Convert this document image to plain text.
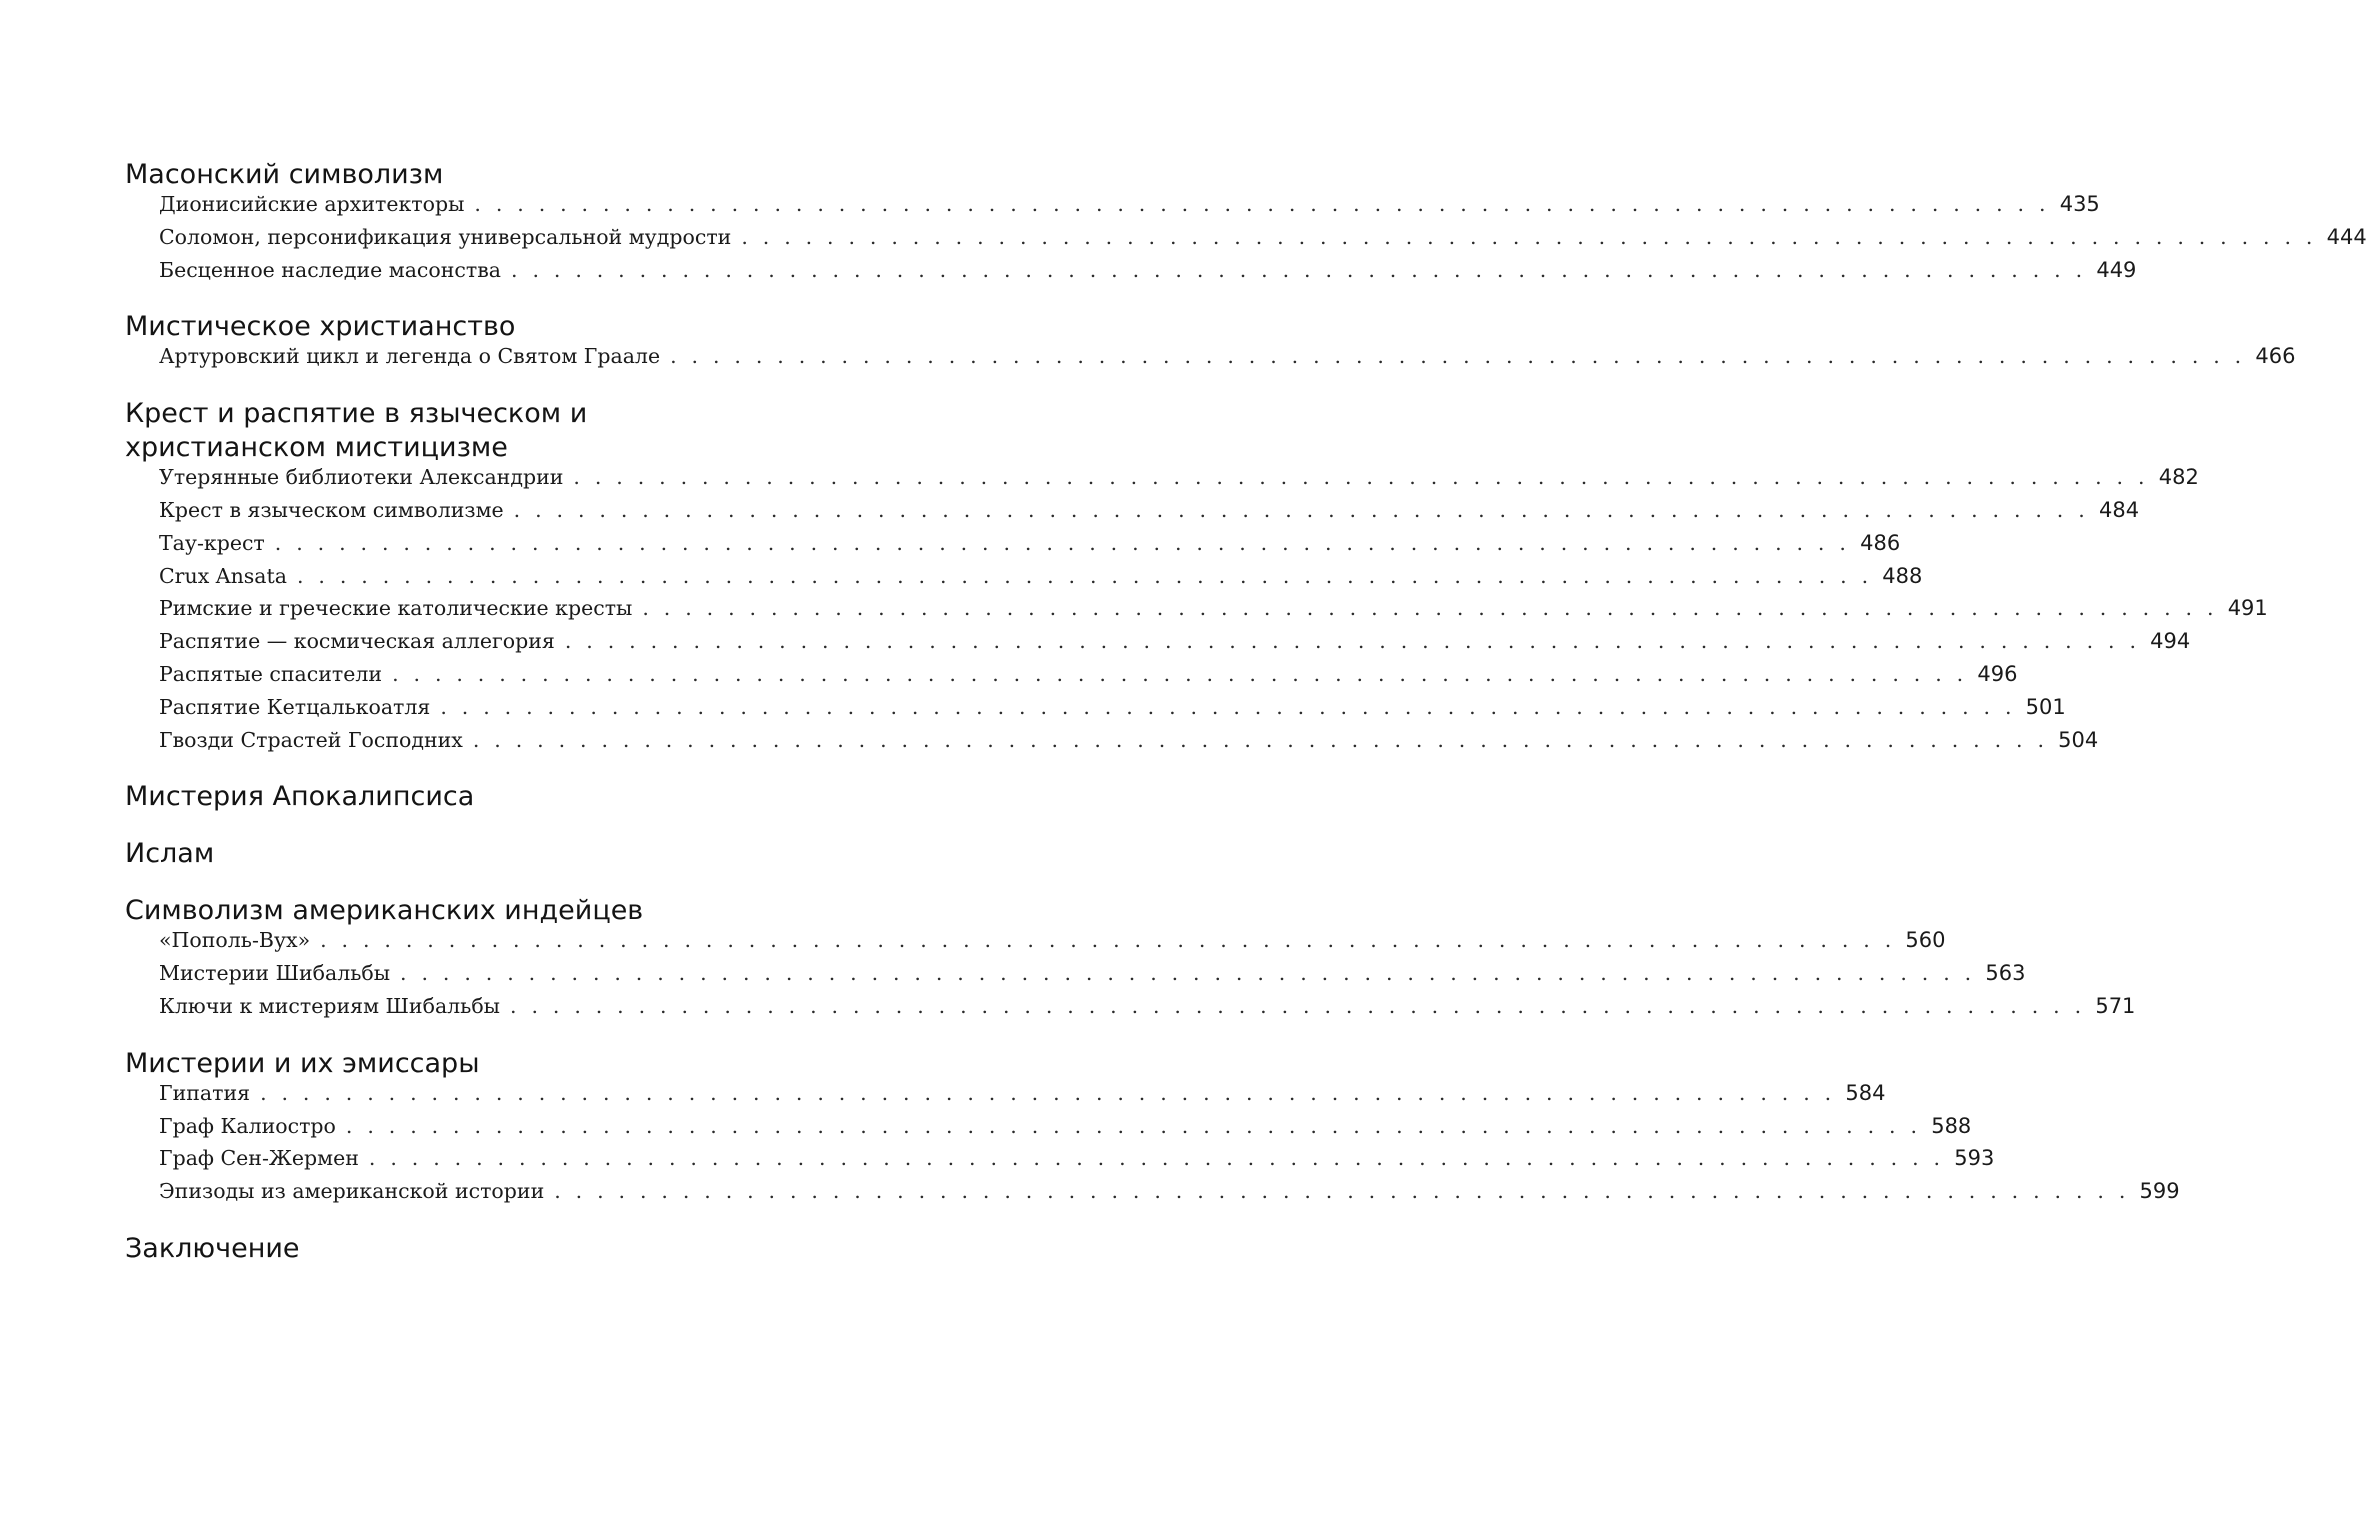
Масонский символизм
Дионисийские архитекторы . . . . . . . . . . . . . . . . . . . . . . . . . . . . . . . . . . . . . . . . . . . . . . . . . . . . . . . . . . . . . . . . . . . . . . . . . . 435
Соломон, персонификация универсальной мудрости . . . . . . . . . . . . . . . . . . . . . . . . . . . . . . . . . . . . . . . . . . . . . . . . . . . . . . . . . . . . . . . . . . . . . . . . . . 444
Бесценное наследие масонства . . . . . . . . . . . . . . . . . . . . . . . . . . . . . . . . . . . . . . . . . . . . . . . . . . . . . . . . . . . . . . . . . . . . . . . . . . 449
Мистическое христианство
Артуровский цикл и легенда о Святом Граале . . . . . . . . . . . . . . . . . . . . . . . . . . . . . . . . . . . . . . . . . . . . . . . . . . . . . . . . . . . . . . . . . . . . . . . . . . 466
Крест и распятие в языческом и христианском мистицизме
Утерянные библиотеки Александрии . . . . . . . . . . . . . . . . . . . . . . . . . . . . . . . . . . . . . . . . . . . . . . . . . . . . . . . . . . . . . . . . . . . . . . . . . . 482
Крест в языческом символизме . . . . . . . . . . . . . . . . . . . . . . . . . . . . . . . . . . . . . . . . . . . . . . . . . . . . . . . . . . . . . . . . . . . . . . . . . . 484
Тау-крест . . . . . . . . . . . . . . . . . . . . . . . . . . . . . . . . . . . . . . . . . . . . . . . . . . . . . . . . . . . . . . . . . . . . . . . . . . 486
Crux Ansata . . . . . . . . . . . . . . . . . . . . . . . . . . . . . . . . . . . . . . . . . . . . . . . . . . . . . . . . . . . . . . . . . . . . . . . . . . 488
Римские и греческие католические кресты . . . . . . . . . . . . . . . . . . . . . . . . . . . . . . . . . . . . . . . . . . . . . . . . . . . . . . . . . . . . . . . . . . . . . . . . . . 491
Распятие — космическая аллегория . . . . . . . . . . . . . . . . . . . . . . . . . . . . . . . . . . . . . . . . . . . . . . . . . . . . . . . . . . . . . . . . . . . . . . . . . . 494
Распятые спасители . . . . . . . . . . . . . . . . . . . . . . . . . . . . . . . . . . . . . . . . . . . . . . . . . . . . . . . . . . . . . . . . . . . . . . . . . . 496
Распятие Кетцалькоатля . . . . . . . . . . . . . . . . . . . . . . . . . . . . . . . . . . . . . . . . . . . . . . . . . . . . . . . . . . . . . . . . . . . . . . . . . . 501
Гвозди Страстей Господних . . . . . . . . . . . . . . . . . . . . . . . . . . . . . . . . . . . . . . . . . . . . . . . . . . . . . . . . . . . . . . . . . . . . . . . . . . 504
Мистерия Апокалипсиса
Ислам
Символизм американских индейцев
«Пополь-Вух» . . . . . . . . . . . . . . . . . . . . . . . . . . . . . . . . . . . . . . . . . . . . . . . . . . . . . . . . . . . . . . . . . . . . . . . . . . 560
Мистерии Шибальбы . . . . . . . . . . . . . . . . . . . . . . . . . . . . . . . . . . . . . . . . . . . . . . . . . . . . . . . . . . . . . . . . . . . . . . . . . . 563
Ключи к мистериям Шибальбы . . . . . . . . . . . . . . . . . . . . . . . . . . . . . . . . . . . . . . . . . . . . . . . . . . . . . . . . . . . . . . . . . . . . . . . . . . 571
Мистерии и их эмиссары
Гипатия . . . . . . . . . . . . . . . . . . . . . . . . . . . . . . . . . . . . . . . . . . . . . . . . . . . . . . . . . . . . . . . . . . . . . . . . . . 584
Граф Калиостро . . . . . . . . . . . . . . . . . . . . . . . . . . . . . . . . . . . . . . . . . . . . . . . . . . . . . . . . . . . . . . . . . . . . . . . . . . 588
Граф Сен-Жермен . . . . . . . . . . . . . . . . . . . . . . . . . . . . . . . . . . . . . . . . . . . . . . . . . . . . . . . . . . . . . . . . . . . . . . . . . . 593
Эпизоды из американской истории . . . . . . . . . . . . . . . . . . . . . . . . . . . . . . . . . . . . . . . . . . . . . . . . . . . . . . . . . . . . . . . . . . . . . . . . . . 599
Заключение
